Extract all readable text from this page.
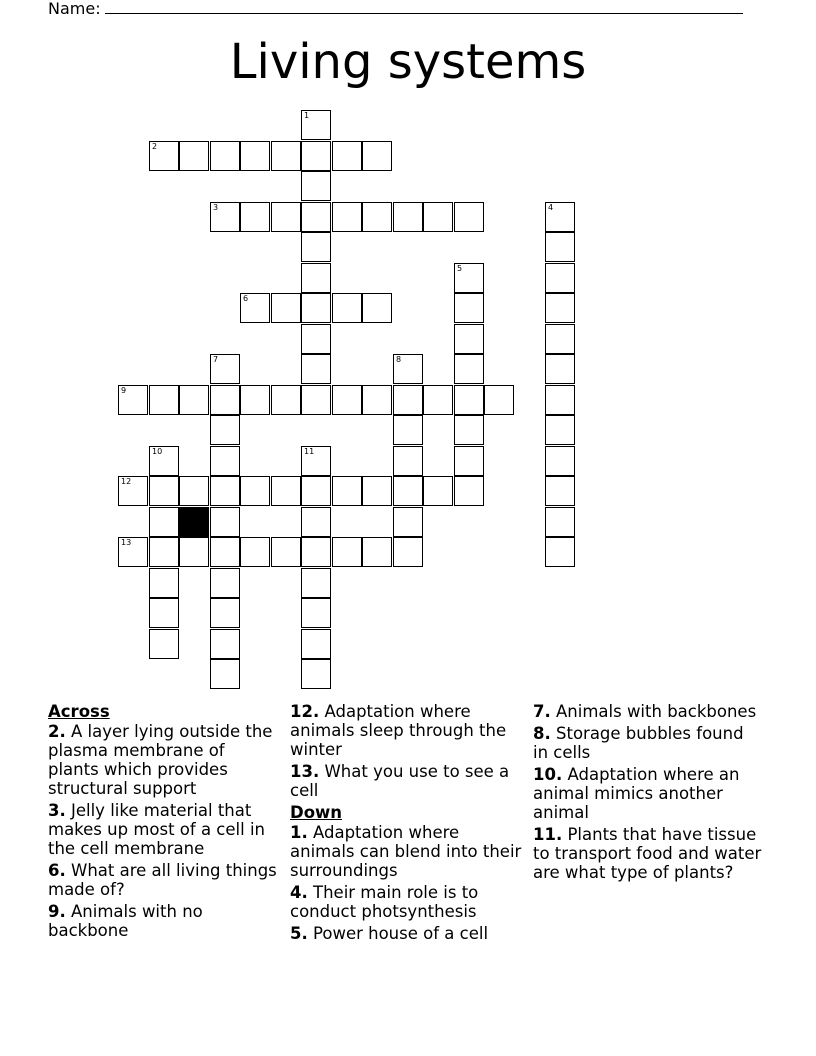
Name:
Living systems
1
2
3	4
5
6
7	8
9
10	11
12
13
Across
2. A layer lying outside the plasma membrane of plants which provides structural support
3. Jelly like material that makes up most of a cell in the cell membrane
6. What are all living things made of?
9. Animals with no backbone
12. Adaptation where animals sleep through the winter
13. What you use to see a cell
Down
1. Adaptation where animals can blend into their surroundings
4. Their main role is to conduct photsynthesis
5. Power house of a cell
7. Animals with backbones
8. Storage bubbles found in cells
10. Adaptation where an animal mimics another animal
11. Plants that have tissue to transport food and water are what type of plants?
